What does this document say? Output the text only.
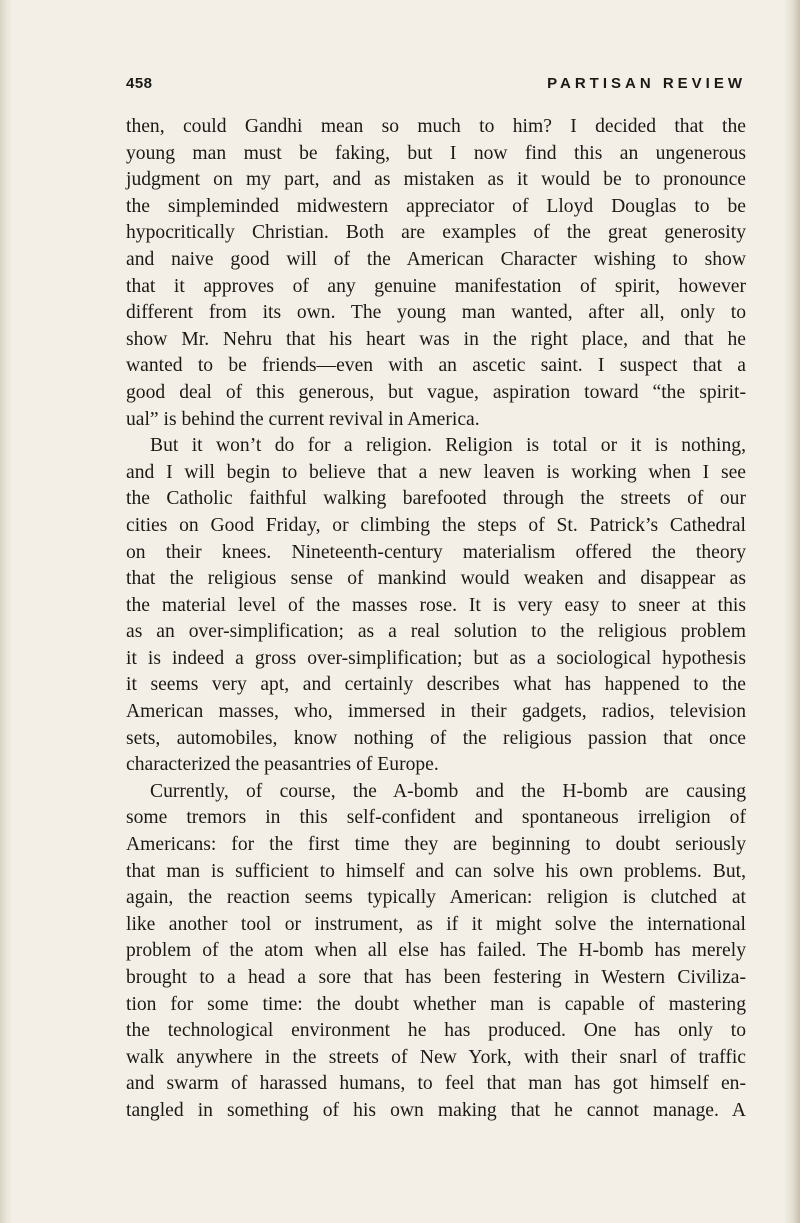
458	PARTISAN REVIEW
then, could Gandhi mean so much to him? I decided that the
young man must be faking, but I now find this an ungenerous
judgment on my part, and as mistaken as it would be to pronounce
the simpleminded midwestern appreciator of Lloyd Douglas to be
hypocritically Christian. Both are examples of the great generosity
and naive good will of the American Character wishing to show
that it approves of any genuine manifestation of spirit, however
different from its own. The young man wanted, after all, only to
show Mr. Nehru that his heart was in the right place, and that he
wanted to be friends—even with an ascetic saint. I suspect that a
good deal of this generous, but vague, aspiration toward “the spirit-
ual” is behind the current revival in America.
But it won’t do for a religion. Religion is total or it is nothing,
and I will begin to believe that a new leaven is working when I see
the Catholic faithful walking barefooted through the streets of our
cities on Good Friday, or climbing the steps of St. Patrick’s Cathedral
on their knees. Nineteenth-century materialism offered the theory
that the religious sense of mankind would weaken and disappear as
the material level of the masses rose. It is very easy to sneer at this
as an over-simplification; as a real solution to the religious problem
it is indeed a gross over-simplification; but as a sociological hypothesis
it seems very apt, and certainly describes what has happened to the
American masses, who, immersed in their gadgets, radios, television
sets, automobiles, know nothing of the religious passion that once
characterized the peasantries of Europe.
Currently, of course, the A-bomb and the H-bomb are causing
some tremors in this self-confident and spontaneous irreligion of
Americans: for the first time they are beginning to doubt seriously
that man is sufficient to himself and can solve his own problems. But,
again, the reaction seems typically American: religion is clutched at
like another tool or instrument, as if it might solve the international
problem of the atom when all else has failed. The H-bomb has merely
brought to a head a sore that has been festering in Western Civiliza-
tion for some time: the doubt whether man is capable of mastering
the technological environment he has produced. One has only to
walk anywhere in the streets of New York, with their snarl of traffic
and swarm of harassed humans, to feel that man has got himself en-
tangled in something of his own making that he cannot manage. A
